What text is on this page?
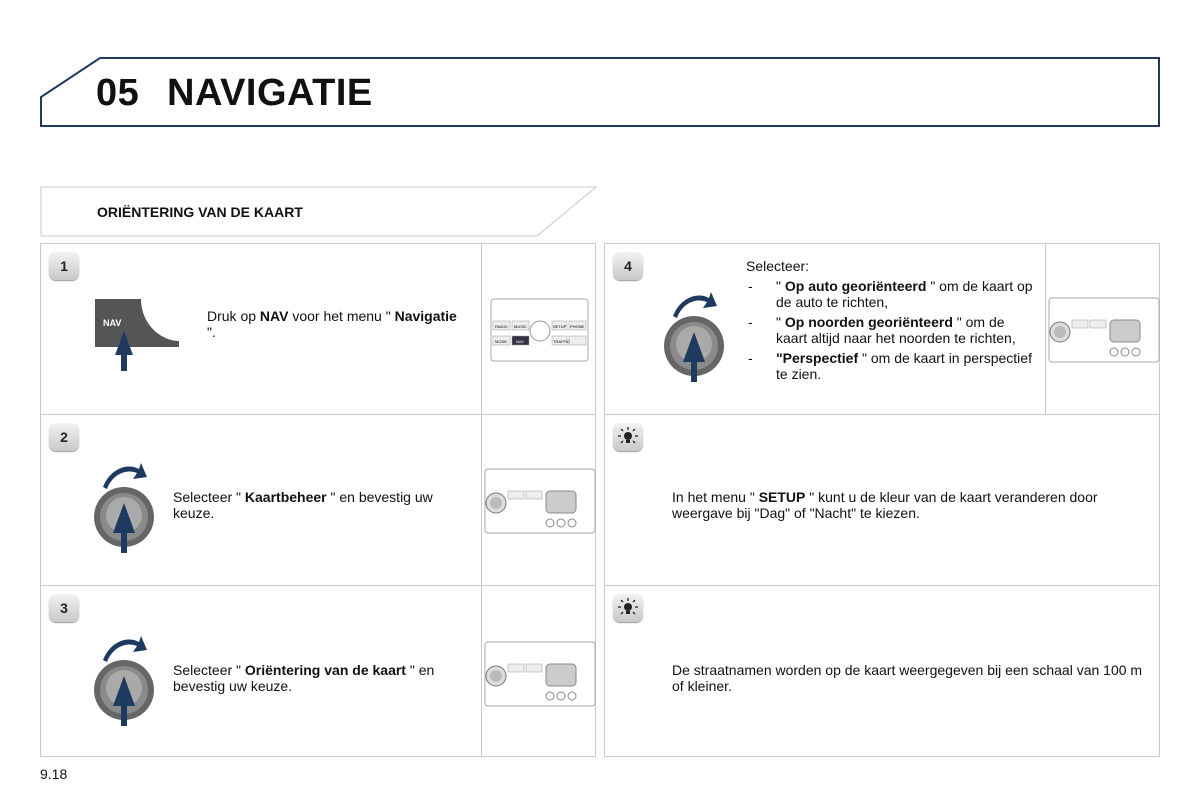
05 NAVIGATIE
ORIËNTERING VAN DE KAART
1
NAV	Druk op NAV voor het menu " Navigatie ".	RADIO MUSIC	SETUP PHONE
MODE NAV	TRAFFIC
2
Selecteer " Kaartbeheer " en bevestig uw keuze.
3
Selecteer " Oriëntering van de kaart " en bevestig uw keuze.
4	Selecteer:
- " Op auto georiënteerd " om de kaart op de auto te richten,
- " Op noorden georiënteerd " om de kaart altijd naar het noorden te richten,
- "Perspectief " om de kaart in perspectief te zien.
In het menu " SETUP " kunt u de kleur van de kaart veranderen door weergave bij "Dag" of "Nacht" te kiezen.
De straatnamen worden op de kaart weergegeven bij een schaal van 100 m of kleiner.
9.18
